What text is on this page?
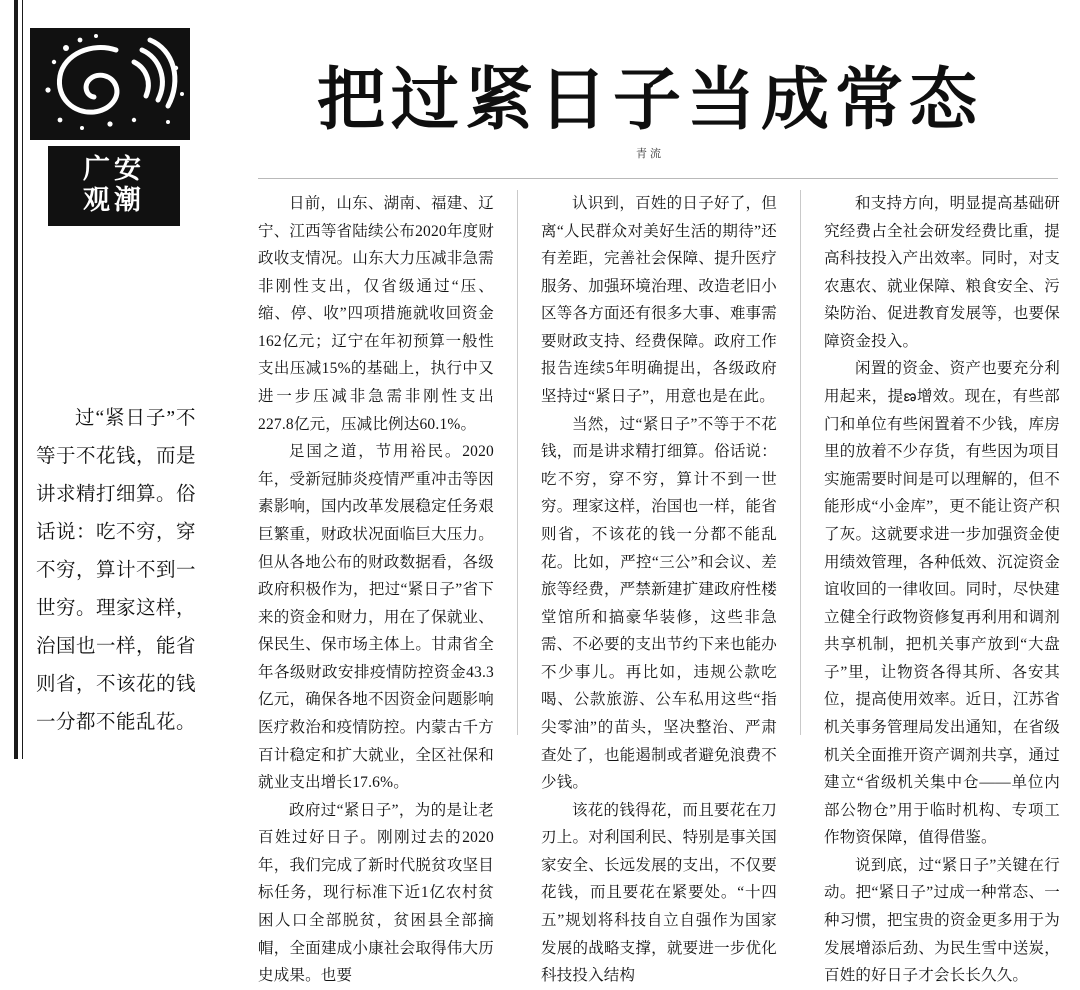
广安
观潮
过“紧日子”不等于不花钱，而是讲求精打细算。俗话说：吃不穷，穿不穷，算计不到一世穷。理家这样，治国也一样，能省则省，不该花的钱一分都不能乱花。
把过紧日子当成常态
青流

日前，山东、湖南、福建、辽宁、江西等省陆续公布2020年度财政收支情况。山东大力压减非急需非刚性支出，仅省级通过“压、缩、停、收”四项措施就收回资金162亿元；辽宁在年初预算一般性支出压减15%的基础上，执行中又进一步压减非急需非刚性支出227.8亿元，压减比例达60.1%。

足国之道，节用裕民。2020年，受新冠肺炎疫情严重冲击等因素影响，国内改革发展稳定任务艰巨繁重，财政状况面临巨大压力。但从各地公布的财政数据看，各级政府积极作为，把过“紧日子”省下来的资金和财力，用在了保就业、保民生、保市场主体上。甘肃省全年各级财政安排疫情防控资金43.3亿元，确保各地不因资金问题影响医疗救治和疫情防控。内蒙古千方百计稳定和扩大就业，全区社保和就业支出增长17.6%。

政府过“紧日子”，为的是让老百姓过好日子。刚刚过去的2020年，我们完成了新时代脱贫攻坚目标任务，现行标准下近1亿农村贫困人口全部脱贫，贫困县全部摘帽，全面建成小康社会取得伟大历史成果。也要

认识到，百姓的日子好了，但离“人民群众对美好生活的期待”还有差距，完善社会保障、提升医疗服务、加强环境治理、改造老旧小区等各方面还有很多大事、难事需要财政支持、经费保障。政府工作报告连续5年明确提出，各级政府坚持过“紧日子”，用意也是在此。

当然，过“紧日子”不等于不花钱，而是讲求精打细算。俗话说：吃不穷，穿不穷，算计不到一世穷。理家这样，治国也一样，能省则省，不该花的钱一分都不能乱花。比如，严控“三公”和会议、差旅等经费，严禁新建扩建政府性楼堂馆所和搞豪华装修，这些非急需、不必要的支出节约下来也能办不少事儿。再比如，违规公款吃喝、公款旅游、公车私用这些“指尖零油”的苗头，坚决整治、严肃查处了，也能遏制或者避免浪费不少钱。

该花的钱得花，而且要花在刀刃上。对利国利民、特别是事关国家安全、长远发展的支出，不仅要花钱，而且要花在紧要处。“十四五”规划将科技自立自强作为国家发展的战略支撑，就要进一步优化科技投入结构

和支持方向，明显提高基础研究经费占全社会研发经费比重，提高科技投入产出效率。同时，对支农惠农、就业保障、粮食安全、污染防治、促进教育发展等，也要保障资金投入。

闲置的资金、资产也要充分利用起来，提ణ增效。现在，有些部门和单位有些闲置着不少钱，库房里的放着不少存货，有些因为项目实施需要时间是可以理解的，但不能形成“小金库”，更不能让资产积了灰。这就要求进一步加强资金使用绩效管理，各种低效、沉淀资金谊收回的一律收回。同时，尽快建立健全行政物资修复再利用和调剂共享机制，把机关事产放到“大盘子”里，让物资各得其所、各安其位，提高使用效率。近日，江苏省机关事务管理局发出通知，在省级机关全面推开资产调剂共享，通过建立“省级机关集中仓——单位内部公物仓”用于临时机构、专项工作物资保障，值得借鉴。

说到底，过“紧日子”关键在行动。把“紧日子”过成一种常态、一种习惯，把宝贵的资金更多用于为发展增添后劲、为民生雪中送炭，百姓的好日子才会长长久久。
